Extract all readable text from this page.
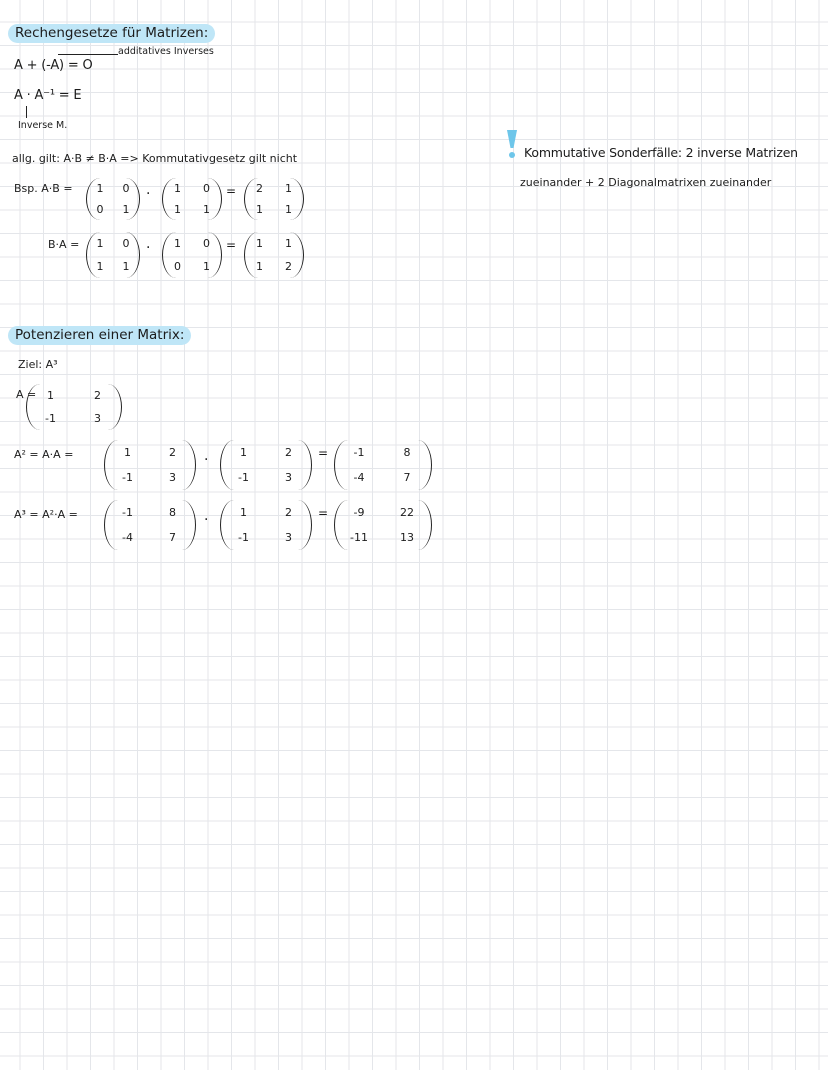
Rechengesetze für Matrizen:
A + (-A) = O
additatives Inverses
A · A⁻¹ = E
Inverse M.
allg. gilt: A·B ≠ B·A => Kommutativgesetz gilt nicht
Bsp. A·B = 1 0
0 1
· 1 0
1 1
= 2 1
1 1
B·A = 1 0
1 1
· 1 0
0 1
= 1 1
1 2
Kommutative Sonderfälle: 2 inverse Matrizen
zueinander + 2 Diagonalmatrixen zueinander
Potenzieren einer Matrix:
Ziel: A³
A = 1	2
-1	3
A² = A·A =	1	2
-1	3
·	1	2
-1	3
= -1	8
-4	7
A³ = A²·A =	-1	8
-4	7
·	1	2
-1	3
= -9	22
-11	13
